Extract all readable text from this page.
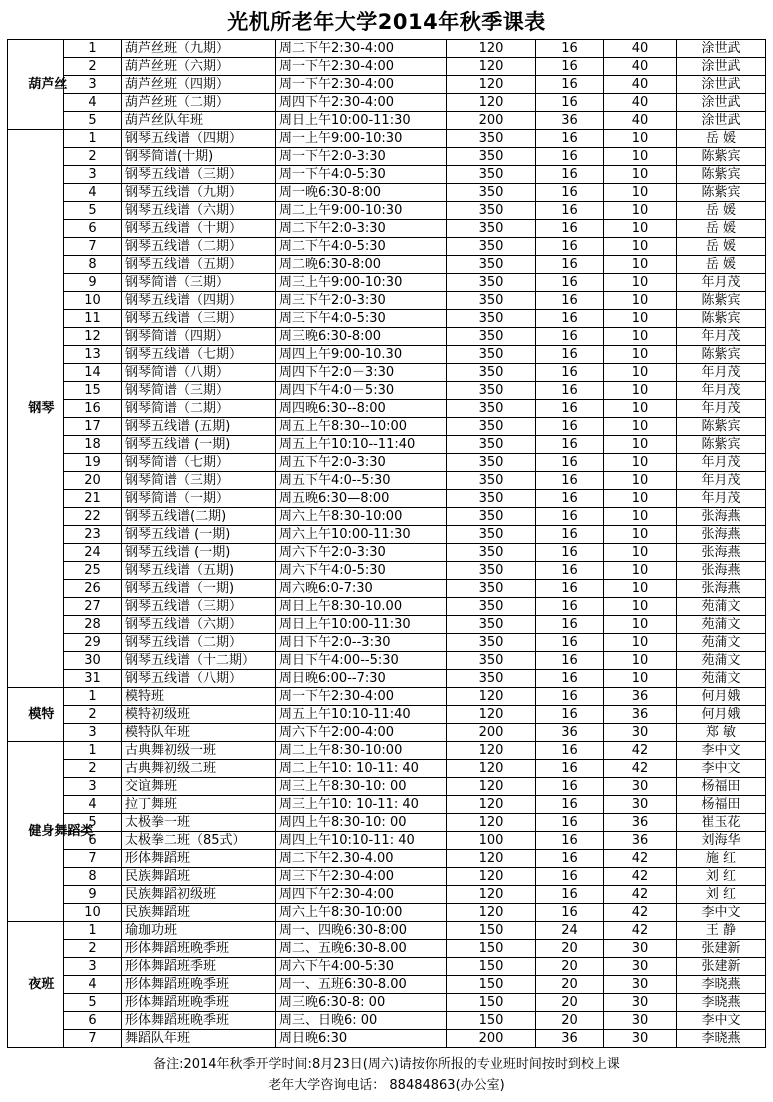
光机所老年大学2014年秋季课表
葫芦丝	1	葫芦丝班（九期）	周二下午2:30-4:00	120	16	40	涂世武
	2	葫芦丝班（六期）	周一下午2:30-4:00	120	16	40	涂世武
	3	葫芦丝班（四期）	周一下午2:30-4:00	120	16	40	涂世武
	4	葫芦丝班（二期）	周四下午2:30-4:00	120	16	40	涂世武
	5	葫芦丝队年班	周日上午10:00-11:30	200	36	40	涂世武
钢琴	1	钢琴五线谱（四期）	周一上午9:00-10:30	350	16	10	岳 媛
	2	钢琴简谱(十期)	周一下午2:0-3:30	350	16	10	陈紫宾
	3	钢琴五线谱（三期）	周一下午4:0-5:30	350	16	10	陈紫宾
	4	钢琴五线谱（九期）	周一晚6:30-8:00	350	16	10	陈紫宾
	5	钢琴五线谱（六期）	周二上午9:00-10:30	350	16	10	岳 媛
	6	钢琴五线谱（十期）	周二下午2:0-3:30	350	16	10	岳 媛
	7	钢琴五线谱（二期）	周二下午4:0-5:30	350	16	10	岳 媛
	8	钢琴五线谱（五期）	周二晚6:30-8:00	350	16	10	岳 媛
	9	钢琴简谱（三期）	周三上午9:00-10:30	350	16	10	年月茂
	10	钢琴五线谱（四期）	周三下午2:0-3:30	350	16	10	陈紫宾
	11	钢琴五线谱（三期）	周三下午4:0-5:30	350	16	10	陈紫宾
	12	钢琴简谱（四期）	周三晚6:30-8:00	350	16	10	年月茂
	13	钢琴五线谱（七期）	周四上午9:00-10.30	350	16	10	陈紫宾
	14	钢琴简谱（八期）	周四下午2:0－3:30	350	16	10	年月茂
	15	钢琴简谱（三期）	周四下午4:0－5:30	350	16	10	年月茂
	16	钢琴简谱（二期）	周四晚6:30--8:00	350	16	10	年月茂
	17	钢琴五线谱 (五期)	周五上午8:30--10:00	350	16	10	陈紫宾
	18	钢琴五线谱 (一期)	周五上午10:10--11:40	350	16	10	陈紫宾
	19	钢琴简谱（七期）	周五下午2:0-3:30	350	16	10	年月茂
	20	钢琴简谱（三期）	周五下午4:0--5:30	350	16	10	年月茂
	21	钢琴简谱（一期）	周五晚6:30—8:00	350	16	10	年月茂
	22	钢琴五线谱(二期)	周六上午8:30-10:00	350	16	10	张海燕
	23	钢琴五线谱 (一期)	周六上午10:00-11:30	350	16	10	张海燕
	24	钢琴五线谱 (一期)	周六下午2:0-3:30	350	16	10	张海燕
	25	钢琴五线谱（五期)	周六下午4:0-5:30	350	16	10	张海燕
	26	钢琴五线谱（一期)	周六晚6:0-7:30	350	16	10	张海燕
	27	钢琴五线谱（三期）	周日上午8:30-10.00	350	16	10	苑蒲文
	28	钢琴五线谱（六期）	周日上午10:00-11:30	350	16	10	苑蒲文
	29	钢琴五线谱（二期）	周日下午2:0--3:30	350	16	10	苑蒲文
	30	钢琴五线谱（十二期）	周日下午4:00--5:30	350	16	10	苑蒲文
	31	钢琴五线谱（八期）	周日晚6:00--7:30	350	16	10	苑蒲文
模特	1	模特班	周一下午2:30-4:00	120	16	36	何月娥
	2	模特初级班	周五上午10:10-11:40	120	16	36	何月娥
	3	模特队年班	周六下午2:00-4:00	200	36	30	郑 敏
健身舞蹈类	1	古典舞初级一班	周二上午8:30-10:00	120	16	42	李中文
	2	古典舞初级二班	周二上午10: 10-11: 40	120	16	42	李中文
	3	交谊舞班	周三上午8:30-10: 00	120	16	30	杨福田
	4	拉丁舞班	周三上午10: 10-11: 40	120	16	30	杨福田
	5	太极拳一班	周四上午8:30-10: 00	120	16	36	崔玉花
	6	太极拳二班（85式）	周四上午10:10-11: 40	100	16	36	刘海华
	7	形体舞蹈班	周二下午2.30-4.00	120	16	42	施 红
	8	民族舞蹈班	周三下午2:30-4:00	120	16	42	刘 红
	9	民族舞蹈初级班	周四下午2:30-4:00	120	16	42	刘 红
	10	民族舞蹈班	周六上午8:30-10:00	120	16	42	李中文
夜班	1	瑜珈功班	周一、四晚6:30-8:00	150	24	42	王 静
	2	形体舞蹈班晚季班	周二、五晚6:30-8.00	150	20	30	张建新
	3	形体舞蹈班季班	周六下午4:00-5:30	150	20	30	张建新
	4	形体舞蹈班晚季班	周一、五班6:30-8.00	150	20	30	李晓燕
	5	形体舞蹈班晚季班	周三晚6:30-8: 00	150	20	30	李晓燕
	6	形体舞蹈班晚季班	周三、日晚6: 00	150	20	30	李中文
	7	舞蹈队年班	周日晚6:30	200	36	30	李晓燕
备注:2014年秋季开学时间:8月23日(周六)请按你所报的专业班时间按时到校上课
老年大学咨询电话： 88484863(办公室)
